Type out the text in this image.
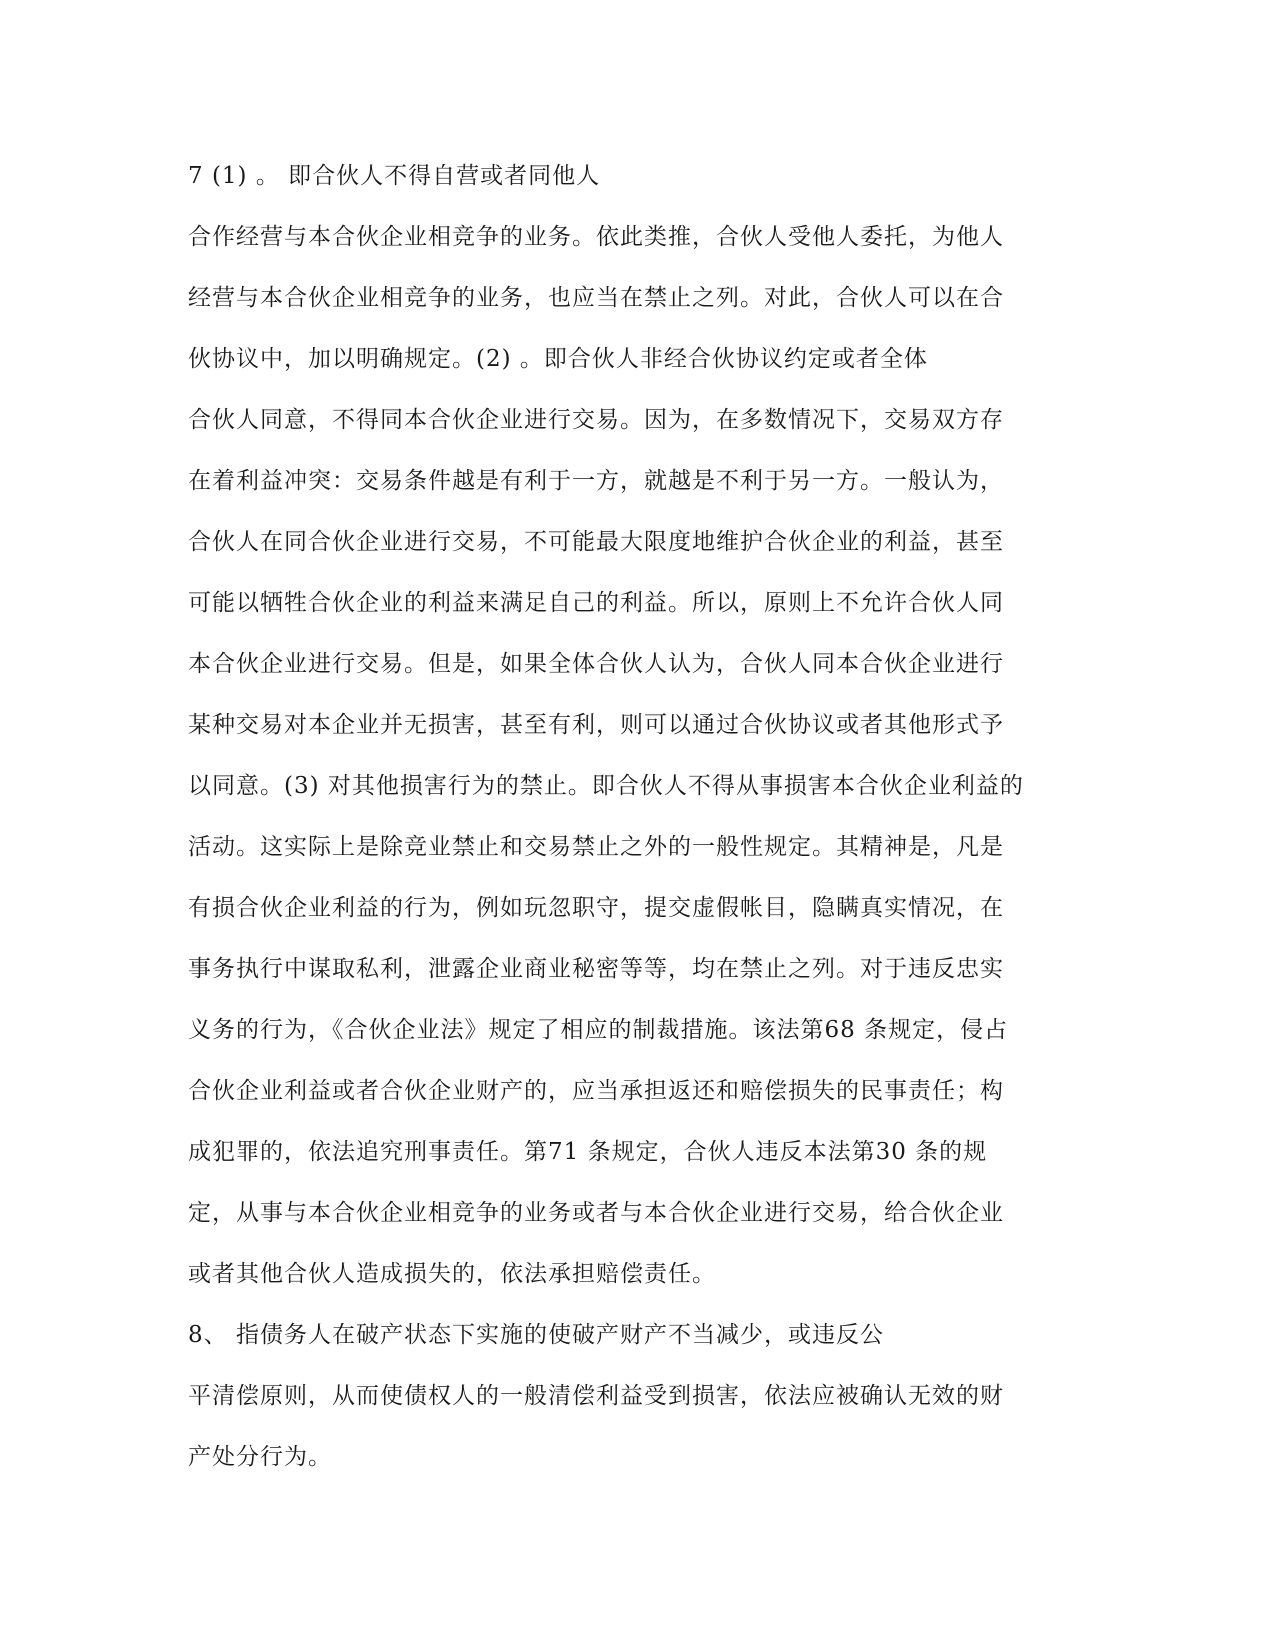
7 (1) 。 即合伙人不得自营或者同他人
合作经营与本合伙企业相竞争的业务。依此类推，合伙人受他人委托，为他人
经营与本合伙企业相竞争的业务，也应当在禁止之列。对此，合伙人可以在合
伙协议中，加以明确规定。(2) 。即合伙人非经合伙协议约定或者全体
合伙人同意，不得同本合伙企业进行交易。因为，在多数情况下，交易双方存
在着利益冲突：交易条件越是有利于一方，就越是不利于另一方。一般认为，
合伙人在同合伙企业进行交易，不可能最大限度地维护合伙企业的利益，甚至
可能以牺牲合伙企业的利益来满足自己的利益。所以，原则上不允许合伙人同
本合伙企业进行交易。但是，如果全体合伙人认为，合伙人同本合伙企业进行
某种交易对本企业并无损害，甚至有利，则可以通过合伙协议或者其他形式予
以同意。(3) 对其他损害行为的禁止。即合伙人不得从事损害本合伙企业利益的
活动。这实际上是除竞业禁止和交易禁止之外的一般性规定。其精神是，凡是
有损合伙企业利益的行为，例如玩忽职守，提交虚假帐目，隐瞒真实情况，在
事务执行中谋取私利，泄露企业商业秘密等等，均在禁止之列。对于违反忠实
义务的行为，《合伙企业法》规定了相应的制裁措施。该法第68 条规定，侵占
合伙企业利益或者合伙企业财产的，应当承担返还和赔偿损失的民事责任；构
成犯罪的，依法追究刑事责任。第71 条规定，合伙人违反本法第30 条的规
定，从事与本合伙企业相竞争的业务或者与本合伙企业进行交易，给合伙企业
或者其他合伙人造成损失的，依法承担赔偿责任。
8、 指债务人在破产状态下实施的使破产财产不当减少，或违反公
平清偿原则，从而使债权人的一般清偿利益受到损害，依法应被确认无效的财
产处分行为。
